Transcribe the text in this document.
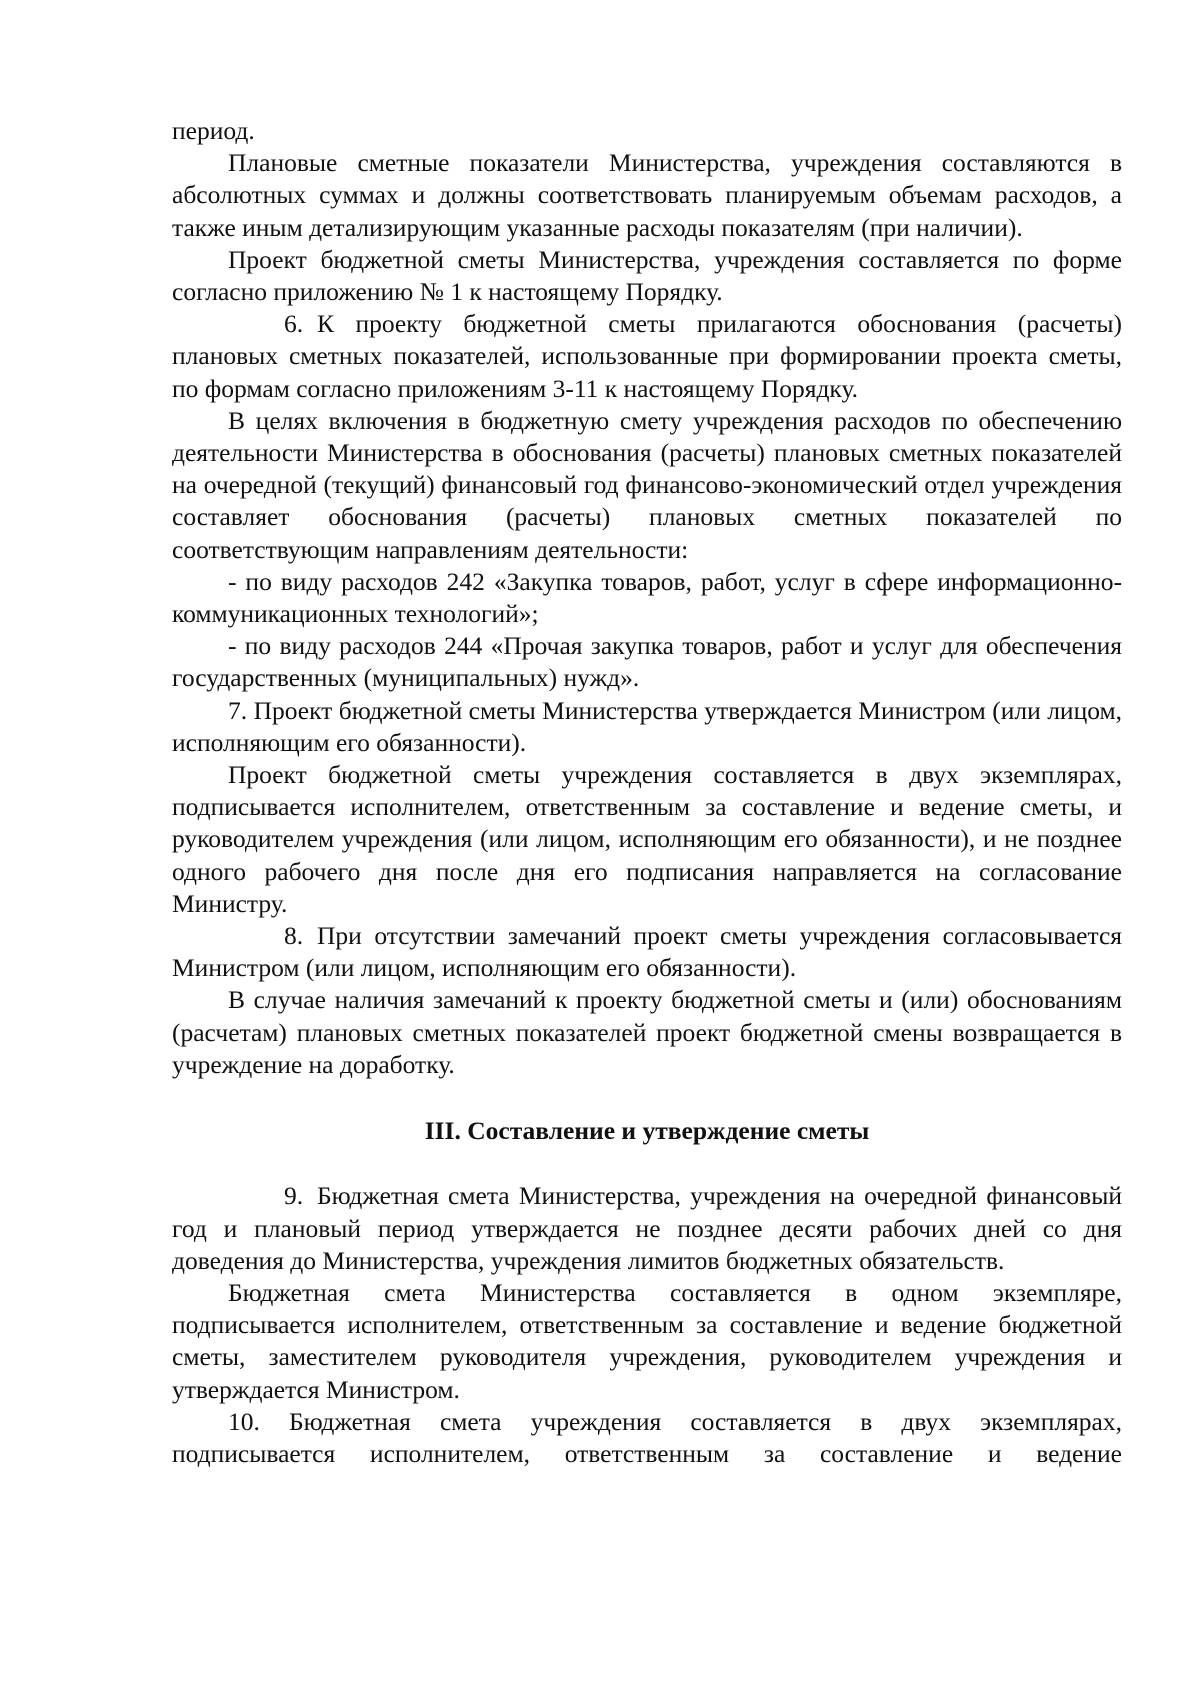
период.

Плановые сметные показатели Министерства, учреждения составляются в абсолютных суммах и должны соответствовать планируемым объемам расходов, а также иным детализирующим указанные расходы показателям (при наличии).

Проект бюджетной сметы Министерства, учреждения составляется по форме согласно приложению № 1 к настоящему Порядку.

6. К проекту бюджетной сметы прилагаются обоснования (расчеты) плановых сметных показателей, использованные при формировании проекта сметы, по формам согласно приложениям 3-11 к настоящему Порядку.

В целях включения в бюджетную смету учреждения расходов по обеспечению деятельности Министерства в обоснования (расчеты) плановых сметных показателей на очередной (текущий) финансовый год финансово-экономический отдел учреждения составляет обоснования (расчеты) плановых сметных показателей по соответствующим направлениям деятельности:

- по виду расходов 242 «Закупка товаров, работ, услуг в сфере информационно-коммуникационных технологий»;

- по виду расходов 244 «Прочая закупка товаров, работ и услуг для обеспечения государственных (муниципальных) нужд».

7. Проект бюджетной сметы Министерства утверждается Министром (или лицом, исполняющим его обязанности).

Проект бюджетной сметы учреждения составляется в двух экземплярах, подписывается исполнителем, ответственным за составление и ведение сметы, и руководителем учреждения (или лицом, исполняющим его обязанности), и не позднее одного рабочего дня после дня его подписания направляется на согласование Министру.

8. При отсутствии замечаний проект сметы учреждения согласовывается Министром (или лицом, исполняющим его обязанности).

В случае наличия замечаний к проекту бюджетной сметы и (или) обоснованиям (расчетам) плановых сметных показателей проект бюджетной смены возвращается в учреждение на доработку.

III. Составление и утверждение сметы

9. Бюджетная смета Министерства, учреждения на очередной финансовый год и плановый период утверждается не позднее десяти рабочих дней со дня доведения до Министерства, учреждения лимитов бюджетных обязательств.

Бюджетная смета Министерства составляется в одном экземпляре, подписывается исполнителем, ответственным за составление и ведение бюджетной сметы, заместителем руководителя учреждения, руководителем учреждения и утверждается Министром.

10. Бюджетная смета учреждения составляется в двух экземплярах, подписывается исполнителем, ответственным за составление и ведение
